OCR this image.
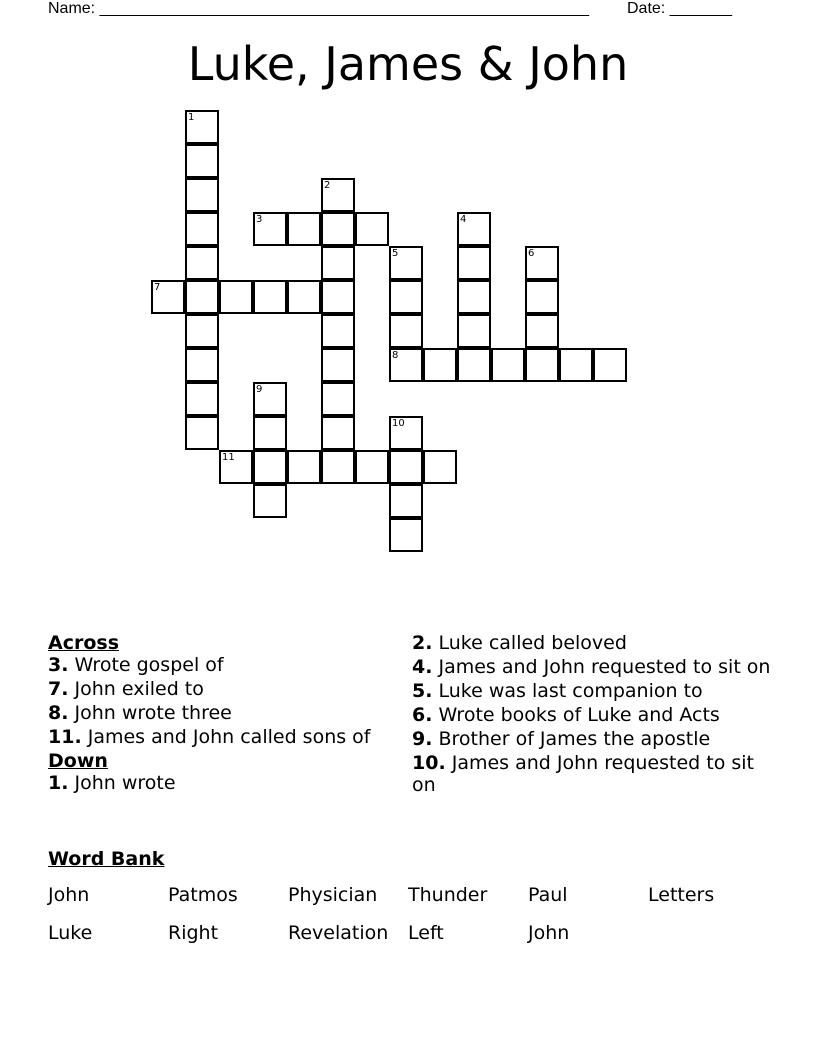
Name: _______________________________________________________ Date: _______
Luke, James & John
1
2
3	4
5	6
7
8
9
10
11

Across

3. Wrote gospel of

7. John exiled to

8. John wrote three

11. James and John called sons of

Down

1. John wrote

2. Luke called beloved

4. James and John requested to sit on

5. Luke was last companion to

6. Wrote books of Luke and Acts

9. Brother of James the apostle

10. James and John requested to sit on

Word Bank
John	Patmos	Physician Thunder Paul	Letters
Luke	Right	Revelation Left	John
